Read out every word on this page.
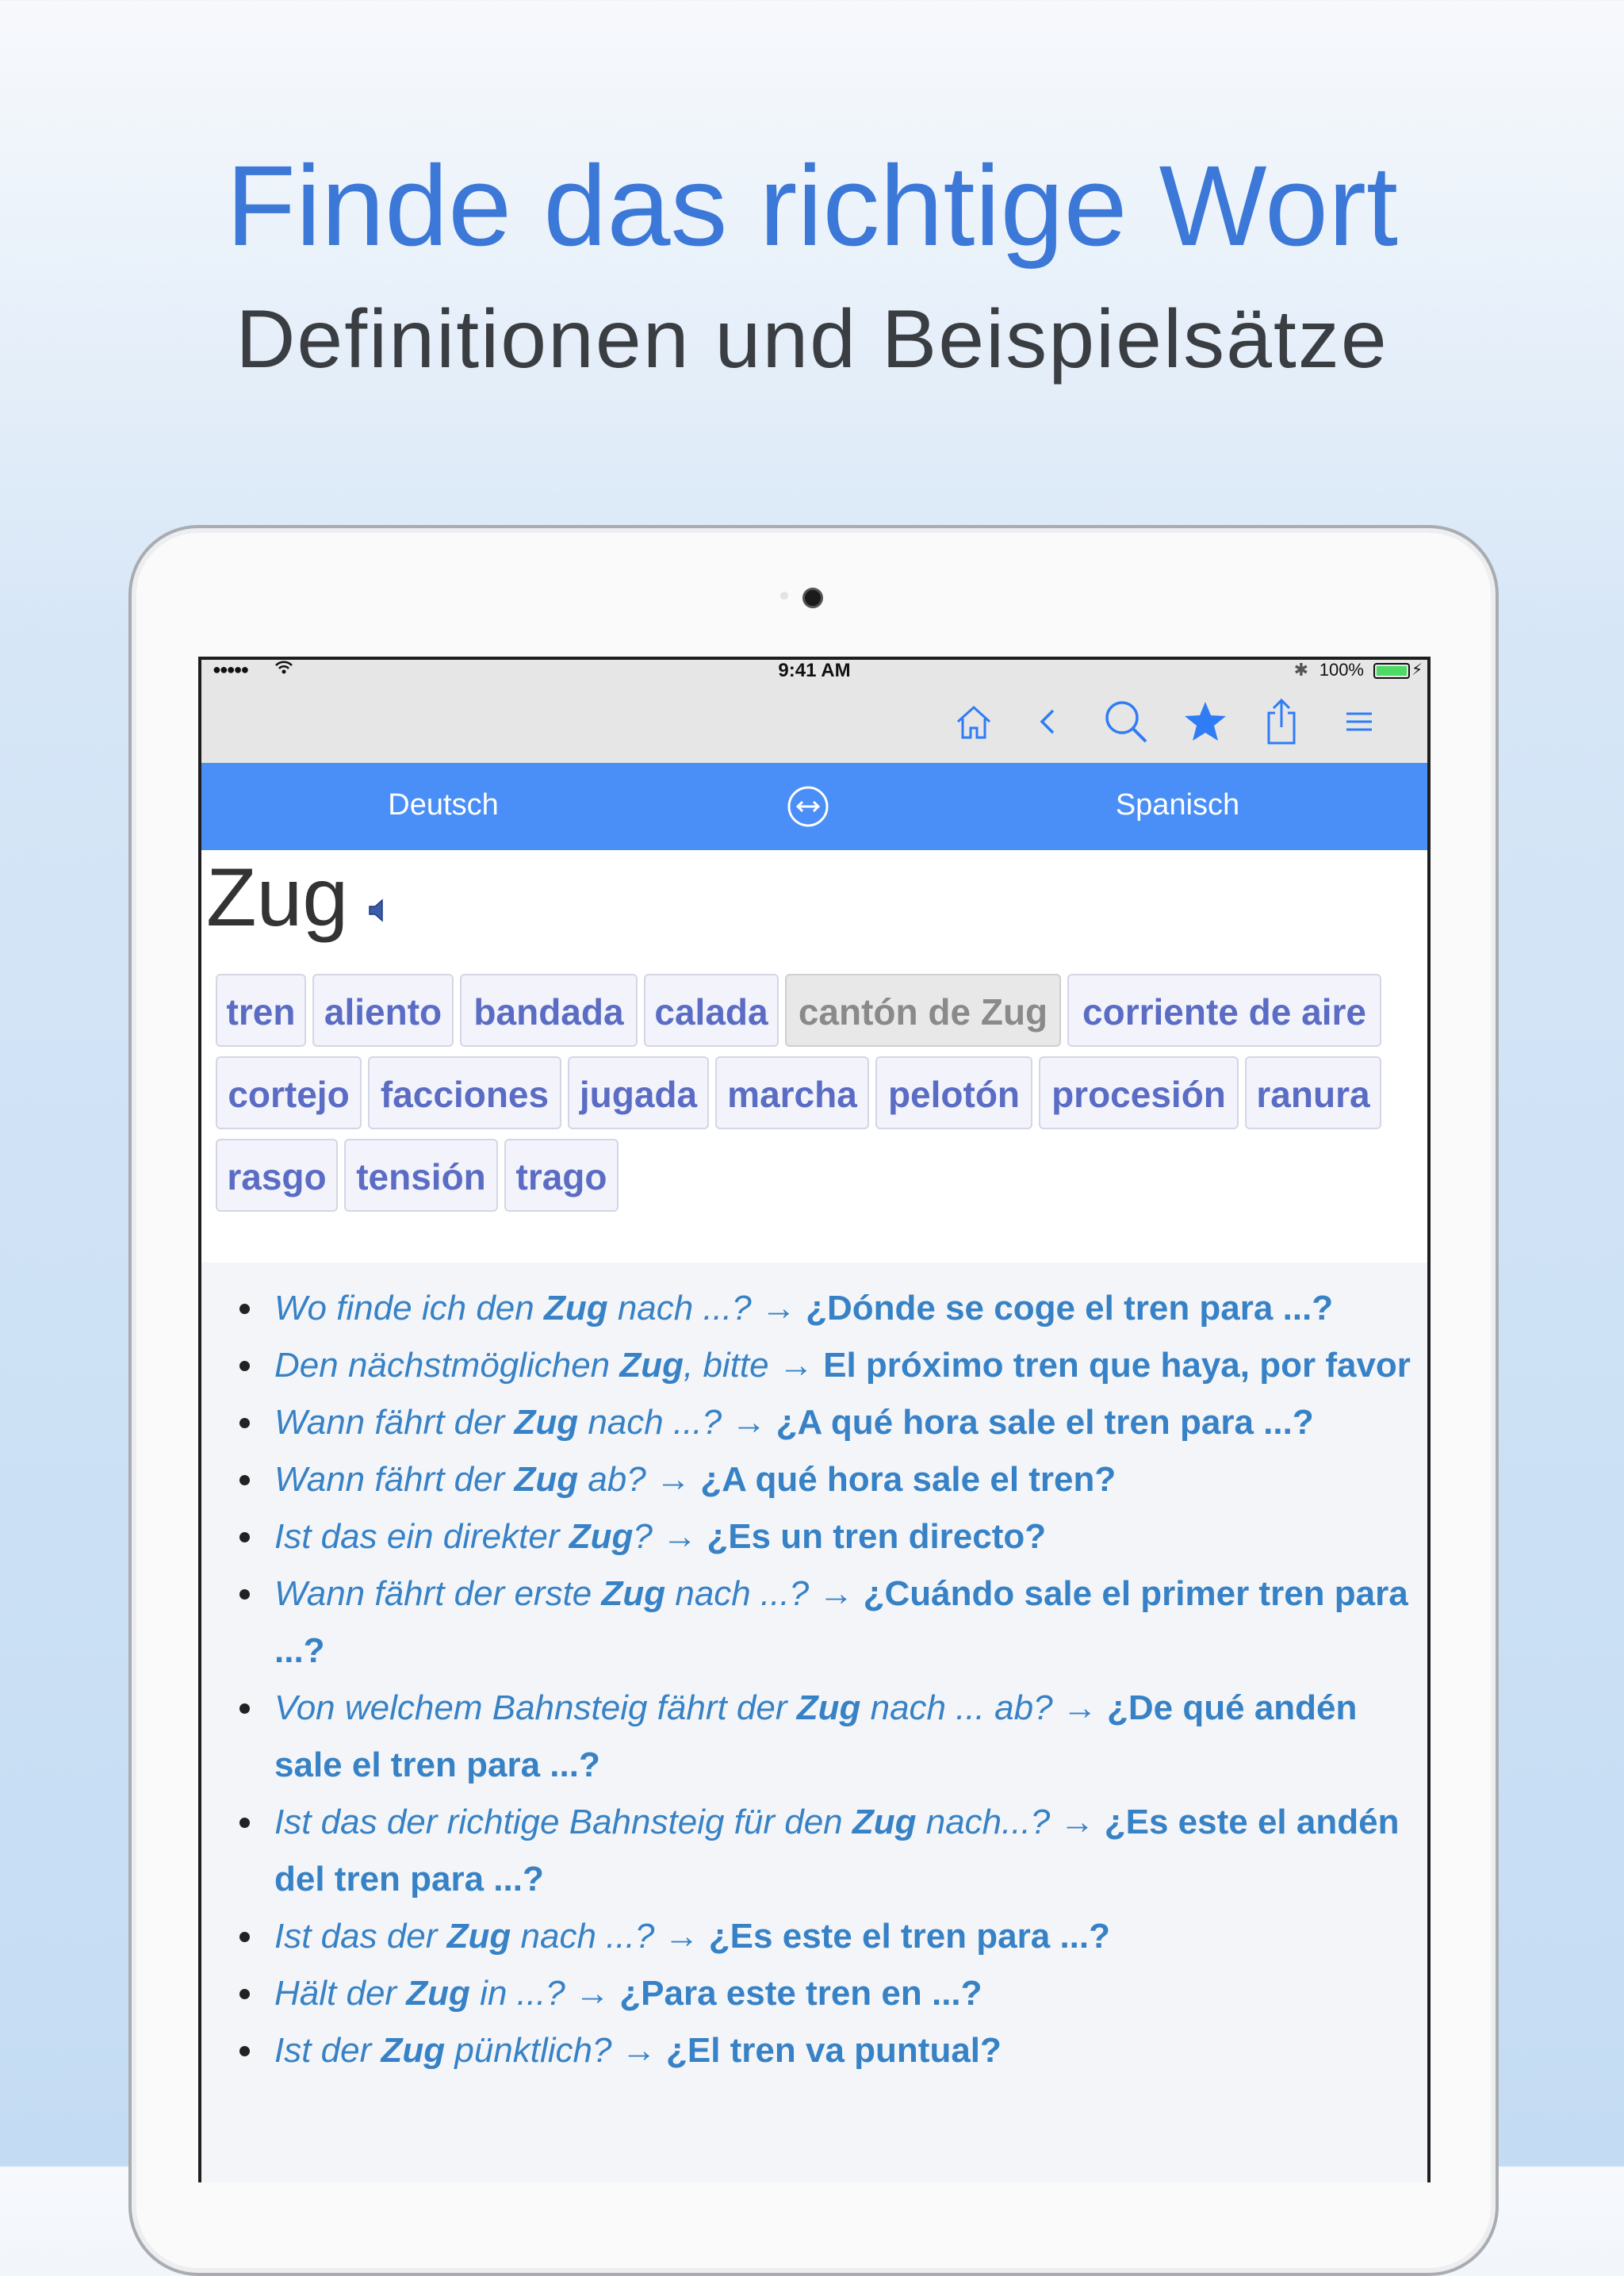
Finde das richtige Wort
Definitionen und Beispielsätze
●●●●●	9:41 AM	✱ 100%	⚡
Deutsch	Spanisch
Zug
tren aliento bandada calada cantón de Zug corriente de aire
cortejo facciones jugada marcha pelotón procesión ranura
rasgo tensión trago
Wo finde ich den Zug nach ...? → ¿Dónde se coge el tren para ...?
Den nächstmöglichen Zug, bitte → El próximo tren que haya, por favor
Wann fährt der Zug nach ...? → ¿A qué hora sale el tren para ...?
Wann fährt der Zug ab? → ¿A qué hora sale el tren?
Ist das ein direkter Zug? → ¿Es un tren directo?
Wann fährt der erste Zug nach ...? → ¿Cuándo sale el primer tren para ...?
Von welchem Bahnsteig fährt der Zug nach ... ab? → ¿De qué andén sale el tren para ...?
Ist das der richtige Bahnsteig für den Zug nach...? → ¿Es este el andén del tren para ...?
Ist das der Zug nach ...? → ¿Es este el tren para ...?
Hält der Zug in ...? → ¿Para este tren en ...?
Ist der Zug pünktlich? → ¿El tren va puntual?
